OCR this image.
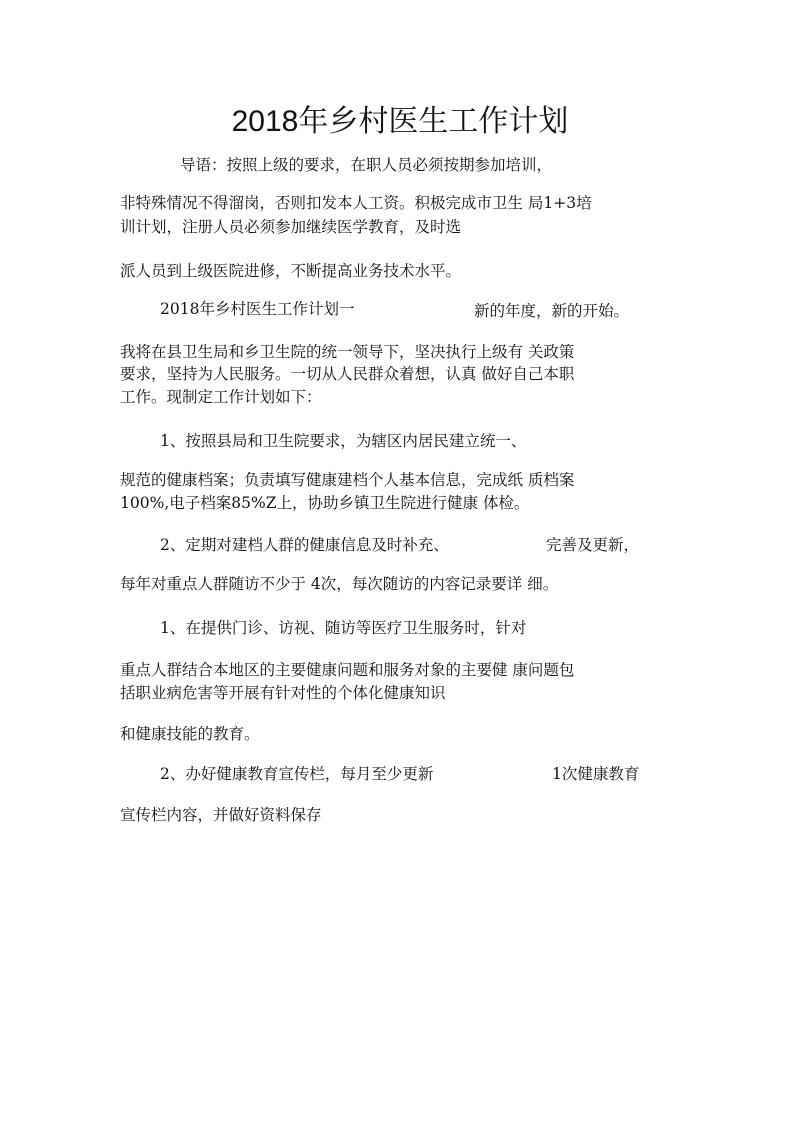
2018年乡村医生工作计划
导语：按照上级的要求，在职人员必须按期参加培训，
非特殊情况不得溜岗，否则扣发本人工资。积极完成市卫生 局1+3培
训计划，注册人员必须参加继续医学教育，及时选
派人员到上级医院进修，不断提高业务技术水平。
2018年乡村医生工作计划一	新的年度，新的开始。
我将在县卫生局和乡卫生院的统一领导下，坚决执行上级有 关政策
要求，坚持为人民服务。一切从人民群众着想，认真 做好自己本职
工作。现制定工作计划如下：
1、按照县局和卫生院要求，为辖区内居民建立统一、
规范的健康档案；负责填写健康建档个人基本信息，完成纸 质档案
100%,电子档案85%Z上，协助乡镇卫生院进行健康 体检。
2、定期对建档人群的健康信息及时补充、	完善及更新，
每年对重点人群随访不少于 4次，每次随访的内容记录要详 细。
1、在提供门诊、访视、随访等医疗卫生服务时，针对
重点人群结合本地区的主要健康问题和服务对象的主要健 康问题包
括职业病危害等开展有针对性的个体化健康知识
和健康技能的教育。
2、办好健康教育宣传栏，每月至少更新	1次健康教育
宣传栏内容，并做好资料保存
